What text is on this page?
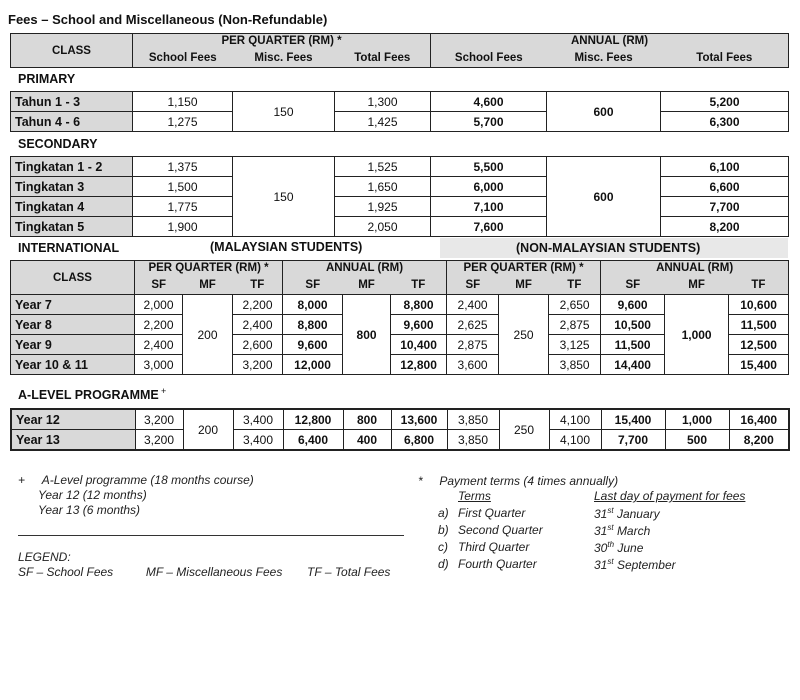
Fees – School and Miscellaneous (Non-Refundable)
CLASS	PER QUARTER (RM) *			ANNUAL (RM)		
	School Fees	Misc. Fees	Total Fees	School Fees	Misc. Fees	Total Fees
PRIMARY
Tahun 1 - 3	1,150	150	1,300	4,600	600	5,200
Tahun 4 - 6	1,275		1,425	5,700		6,300
SECONDARY
Tingkatan 1 - 2	1,375	150	1,525	5,500	600	6,100
Tingkatan 3	1,500		1,650	6,000		6,600
Tingkatan 4	1,775		1,925	7,100		7,700
Tingkatan 5	1,900		2,050	7,600		8,200
INTERNATIONAL	(MALAYSIAN STUDENTS)	(NON-MALAYSIAN STUDENTS)
CLASS	PER QUARTER (RM) *			ANNUAL (RM)			PER QUARTER (RM) *			ANNUAL (RM)		
	SF	MF	TF	SF	MF	TF	SF	MF	TF	SF	MF	TF
Year 7	2,000	200	2,200	8,000	800	8,800	2,400	250	2,650	9,600	1,000	10,600
Year 8	2,200		2,400	8,800		9,600	2,625		2,875	10,500		11,500
Year 9	2,400		2,600	9,600		10,400	2,875		3,125	11,500		12,500
Year 10 & 11	3,000		3,200	12,000		12,800	3,600		3,850	14,400		15,400
A-LEVEL PROGRAMME +
Year 12	3,200	200	3,400	12,800	800	13,600	3,850	250	4,100	15,400	1,000	16,400
Year 13	3,200		3,400	6,400	400	6,800	3,850		4,100	7,700	500	8,200
+ A-Level programme (18 months course)
Year 12 (12 months)
Year 13 (6 months)
LEGEND:
SF – School Fees	MF – Miscellaneous Fees TF – Total Fees
* Payment terms (4 times annually)
Terms	Last day of payment for fees
a) First Quarter	31st January
b) Second Quarter	31st March
c) Third Quarter	30th June
d) Fourth Quarter	31st September
